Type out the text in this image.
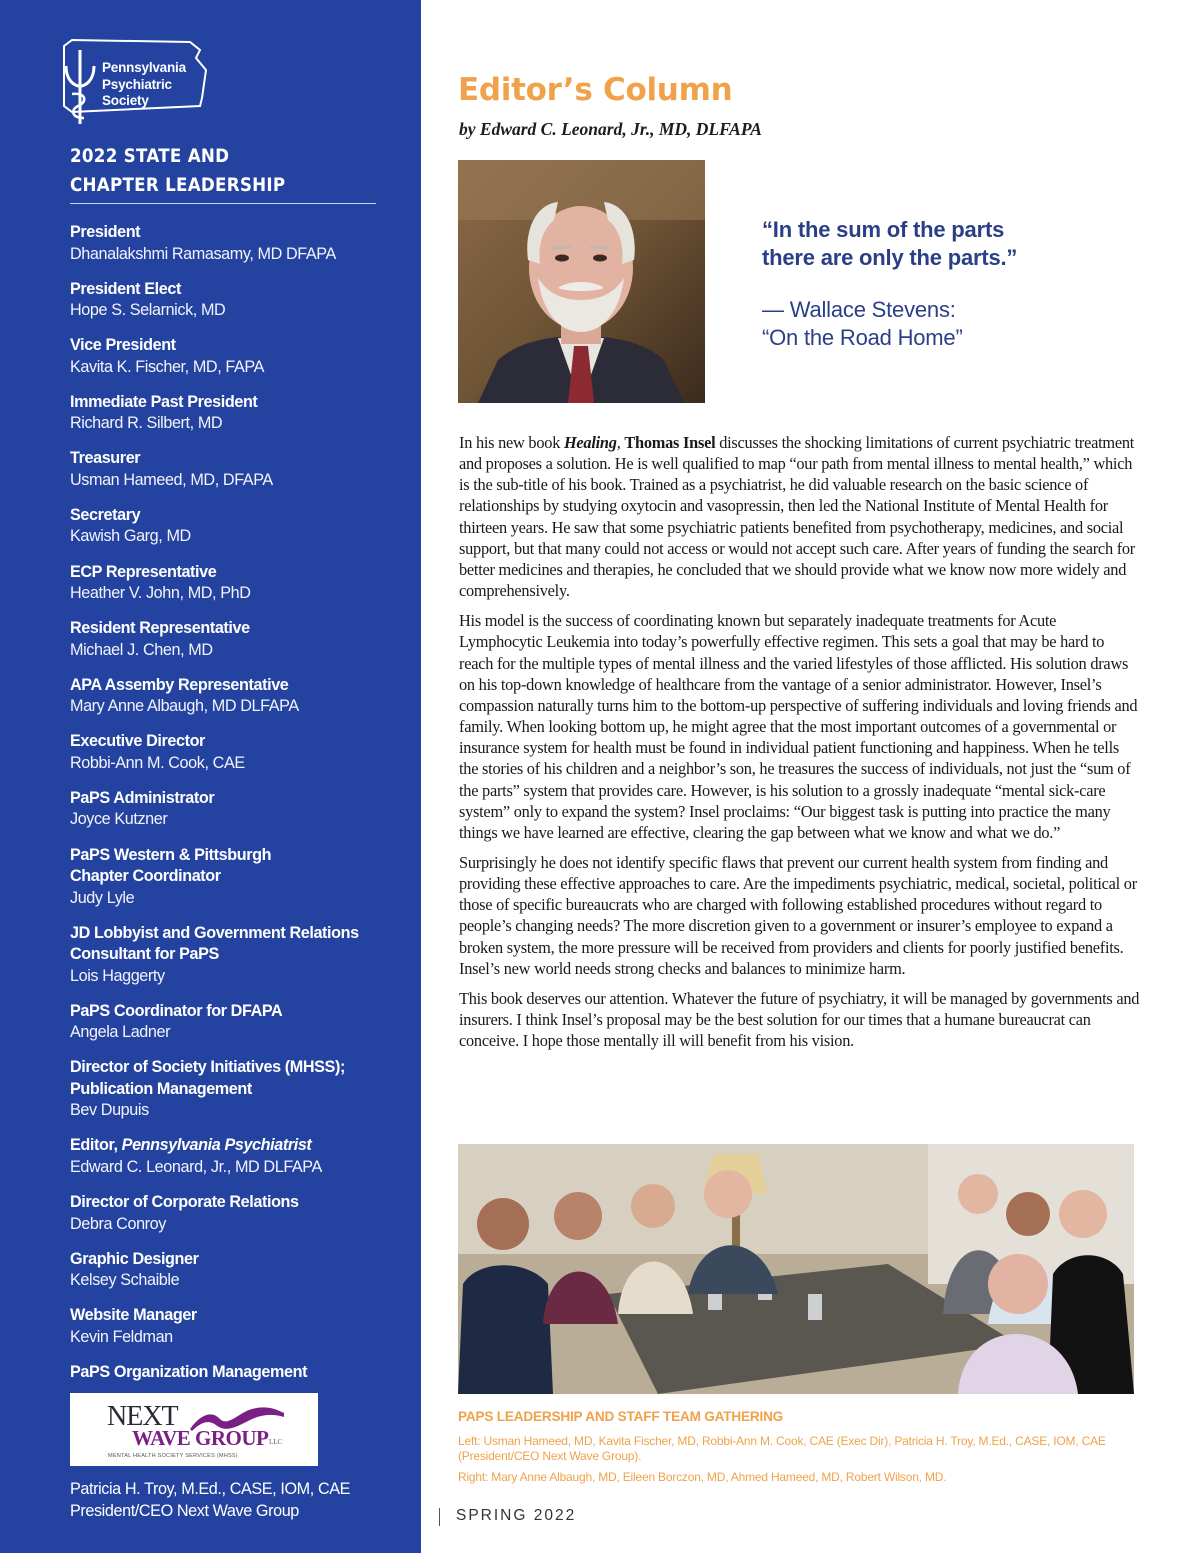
Pennsylvania
Psychiatric
Society
2022 STATE AND
CHAPTER LEADERSHIP
President
Dhanalakshmi Ramasamy, MD DFAPA
President Elect
Hope S. Selarnick, MD
Vice President
Kavita K. Fischer, MD, FAPA
Immediate Past President
Richard R. Silbert, MD
Treasurer
Usman Hameed, MD, DFAPA
Secretary
Kawish Garg, MD
ECP Representative
Heather V. John, MD, PhD
Resident Representative
Michael J. Chen, MD
APA Assemby Representative
Mary Anne Albaugh, MD DLFAPA
Executive Director
Robbi-Ann M. Cook, CAE
PaPS Administrator
Joyce Kutzner
PaPS Western & Pittsburgh
Chapter Coordinator
Judy Lyle
JD Lobbyist and Government Relations
Consultant for PaPS
Lois Haggerty
PaPS Coordinator for DFAPA
Angela Ladner
Director of Society Initiatives (MHSS);
Publication Management
Bev Dupuis
Editor, Pennsylvania Psychiatrist
Edward C. Leonard, Jr., MD DLFAPA
Director of Corporate Relations
Debra Conroy
Graphic Designer
Kelsey Schaible
Website Manager
Kevin Feldman
PaPS Organization Management
NEXT
WAVE GROUP LLC
MENTAL HEALTH SOCIETY SERVICES (MHSS)
Patricia H. Troy, M.Ed., CASE, IOM, CAE
President/CEO Next Wave Group
Editor’s Column
by Edward C. Leonard, Jr., MD, DLFAPA
“In the sum of the parts
there are only the parts.”
— Wallace Stevens:
“On the Road Home”

In his new book Healing, Thomas Insel discusses the shocking limitations of current psychiatric treatment and proposes a solution. He is well qualified to map “our path from mental illness to mental health,” which is the sub-title of his book. Trained as a psychiatrist, he did valuable research on the basic science of relationships by studying oxytocin and vasopressin, then led the National Institute of Mental Health for thirteen years. He saw that some psychiatric patients benefited from psychotherapy, medicines, and social support, but that many could not access or would not accept such care. After years of funding the search for better medicines and therapies, he concluded that we should provide what we know now more widely and comprehensively.

His model is the success of coordinating known but separately inadequate treatments for Acute Lymphocytic Leukemia into today’s powerfully effective regimen. This sets a goal that may be hard to reach for the multiple types of mental illness and the varied lifestyles of those afflicted. His solution draws on his top-down knowledge of healthcare from the vantage of a senior administrator. However, Insel’s compassion naturally turns him to the bottom-up perspective of suffering individuals and loving friends and family. When looking bottom up, he might agree that the most important outcomes of a governmental or insurance system for health must be found in individual patient functioning and happiness. When he tells the stories of his children and a neighbor’s son, he treasures the success of individuals, not just the “sum of the parts” system that provides care. However, is his solution to a grossly inadequate “mental sick-care system” only to expand the system? Insel proclaims: “Our biggest task is putting into practice the many things we have learned are effective, clearing the gap between what we know and what we do.”

Surprisingly he does not identify specific flaws that prevent our current health system from finding and providing these effective approaches to care. Are the impediments psychiatric, medical, societal, political or those of specific bureaucrats who are charged with following established procedures without regard to people’s changing needs? The more discretion given to a government or insurer’s employee to expand a broken system, the more pressure will be received from providers and clients for poorly justified benefits. Insel’s new world needs strong checks and balances to minimize harm.

This book deserves our attention. Whatever the future of psychiatry, it will be managed by governments and insurers. I think Insel’s proposal may be the best solution for our times that a humane bureaucrat can conceive. I hope those mentally ill will benefit from his vision.

PAPS LEADERSHIP AND STAFF TEAM GATHERING
Left: Usman Hameed, MD, Kavita Fischer, MD, Robbi-Ann M. Cook, CAE (Exec Dir), Patricia H. Troy, M.Ed., CASE, IOM, CAE (President/CEO Next Wave Group).
Right: Mary Anne Albaugh, MD, Eileen Borczon, MD, Ahmed Hameed, MD, Robert Wilson, MD.
SPRING 2022
